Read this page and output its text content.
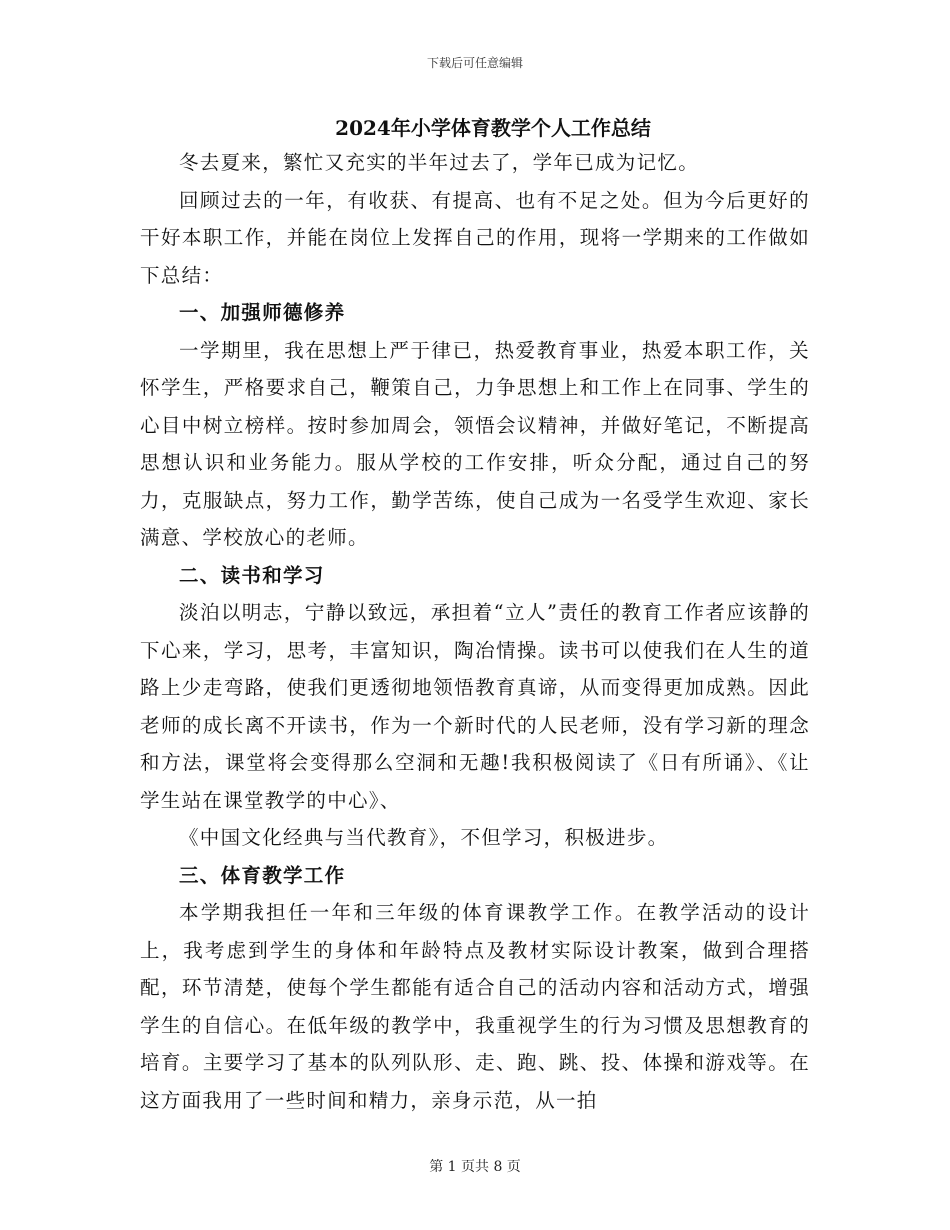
下载后可任意编辑
2024年小学体育教学个人工作总结

冬去夏来，繁忙又充实的半年过去了，学年已成为记忆。

回顾过去的一年，有收获、有提高、也有不足之处。但为今后更好的干好本职工作，并能在岗位上发挥自己的作用，现将一学期来的工作做如下总结：

一、加强师德修养

一学期里，我在思想上严于律已，热爱教育事业，热爱本职工作，关怀学生，严格要求自己，鞭策自己，力争思想上和工作上在同事、学生的心目中树立榜样。按时参加周会，领悟会议精神，并做好笔记，不断提高思想认识和业务能力。服从学校的工作安排，听众分配，通过自己的努力，克服缺点，努力工作，勤学苦练，使自己成为一名受学生欢迎、家长满意、学校放心的老师。

二、读书和学习

淡泊以明志，宁静以致远，承担着“立人”责任的教育工作者应该静的下心来，学习，思考，丰富知识，陶冶情操。读书可以使我们在人生的道路上少走弯路，使我们更透彻地领悟教育真谛，从而变得更加成熟。因此老师的成长离不开读书，作为一个新时代的人民老师，没有学习新的理念和方法，课堂将会变得那么空洞和无趣!我积极阅读了《日有所诵》、《让学生站在课堂教学的中心》、

《中国文化经典与当代教育》，不但学习，积极进步。

三、体育教学工作

本学期我担任一年和三年级的体育课教学工作。在教学活动的设计上，我考虑到学生的身体和年龄特点及教材实际设计教案，做到合理搭配，环节清楚，使每个学生都能有适合自己的活动内容和活动方式，增强学生的自信心。在低年级的教学中，我重视学生的行为习惯及思想教育的培育。主要学习了基本的队列队形、走、跑、跳、投、体操和游戏等。在这方面我用了一些时间和精力，亲身示范，从一拍

第 1 页共 8 页
